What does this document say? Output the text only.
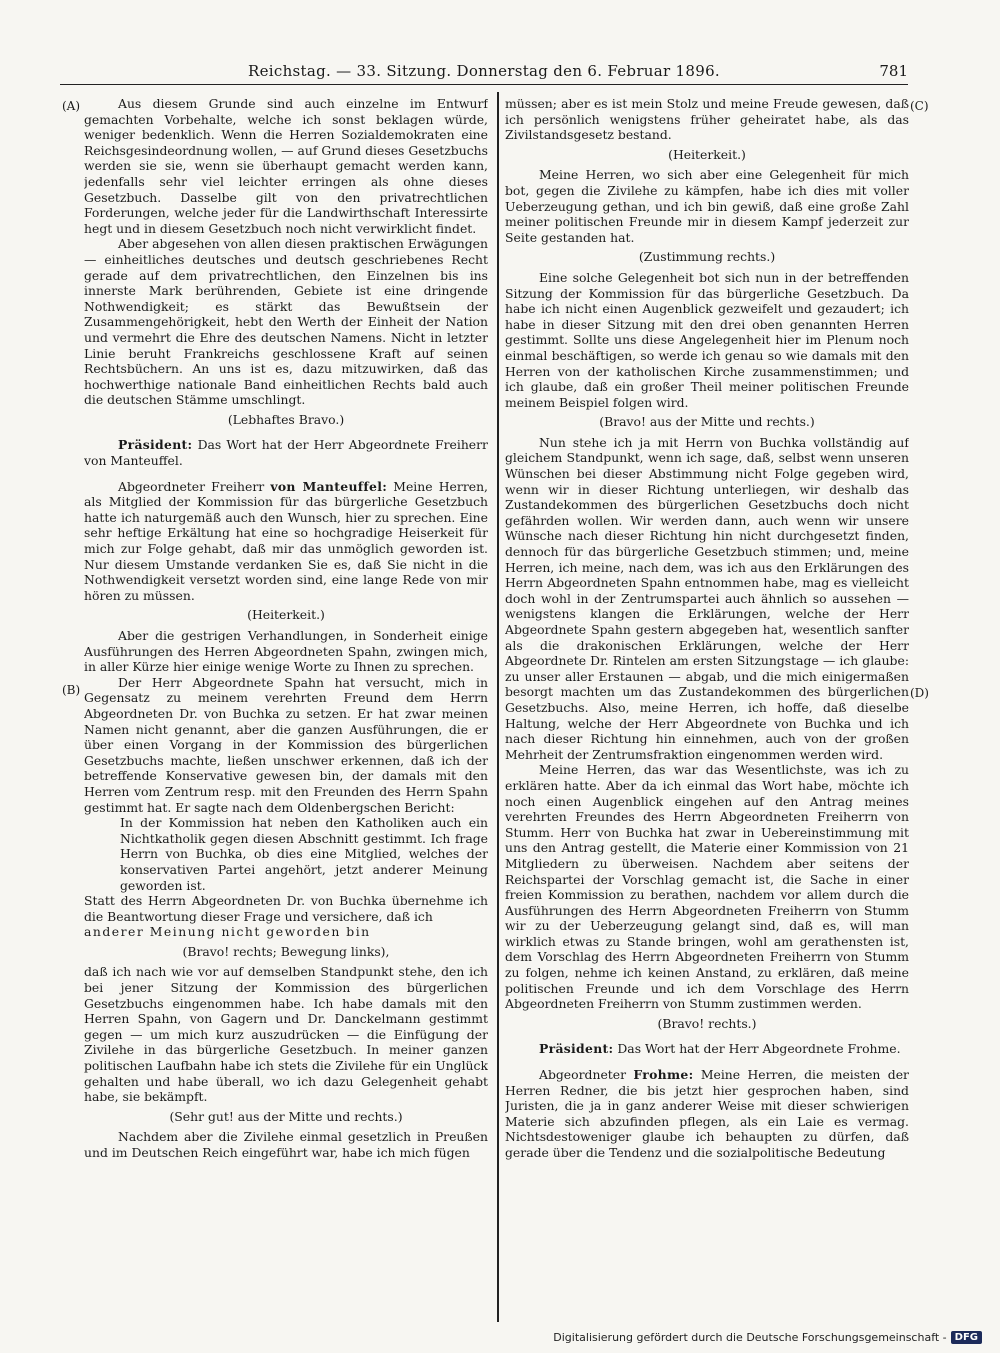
Reichstag. — 33. Sitzung. Donnerstag den 6. Februar 1896.	781
(A)
(B)
(C)
(D)

Aus diesem Grunde sind auch einzelne im Entwurf gemachten Vorbehalte, welche ich sonst beklagen würde, weniger bedenklich. Wenn die Herren Sozialdemokraten eine Reichsgesindeordnung wollen, — auf Grund dieses Gesetzbuchs werden sie sie, wenn sie überhaupt gemacht werden kann, jedenfalls sehr viel leichter erringen als ohne dieses Gesetzbuch. Dasselbe gilt von den privatrechtlichen Forderungen, welche jeder für die Landwirthschaft Interessirte hegt und in diesem Gesetzbuch noch nicht verwirklicht findet.

Aber abgesehen von allen diesen praktischen Erwägungen — einheitliches deutsches und deutsch geschriebenes Recht gerade auf dem privatrechtlichen, den Einzelnen bis ins innerste Mark berührenden, Gebiete ist eine dringende Nothwendigkeit; es stärkt das Bewußtsein der Zusammengehörigkeit, hebt den Werth der Einheit der Nation und vermehrt die Ehre des deutschen Namens. Nicht in letzter Linie beruht Frankreichs geschlossene Kraft auf seinen Rechtsbüchern. An uns ist es, dazu mitzuwirken, daß das hochwerthige nationale Band einheitlichen Rechts bald auch die deutschen Stämme umschlingt.

(Lebhaftes Bravo.)

Präsident: Das Wort hat der Herr Abgeordnete Freiherr von Manteuffel.

Abgeordneter Freiherr von Manteuffel: Meine Herren, als Mitglied der Kommission für das bürgerliche Gesetzbuch hatte ich naturgemäß auch den Wunsch, hier zu sprechen. Eine sehr heftige Erkältung hat eine so hochgradige Heiserkeit für mich zur Folge gehabt, daß mir das unmöglich geworden ist. Nur diesem Umstande verdanken Sie es, daß Sie nicht in die Nothwendigkeit versetzt worden sind, eine lange Rede von mir hören zu müssen.

(Heiterkeit.)

Aber die gestrigen Verhandlungen, in Sonderheit einige Ausführungen des Herren Abgeordneten Spahn, zwingen mich, in aller Kürze hier einige wenige Worte zu Ihnen zu sprechen.

Der Herr Abgeordnete Spahn hat versucht, mich in Gegensatz zu meinem verehrten Freund dem Herrn Abgeordneten Dr. von Buchka zu setzen. Er hat zwar meinen Namen nicht genannt, aber die ganzen Ausführungen, die er über einen Vorgang in der Kommission des bürgerlichen Gesetzbuchs machte, ließen unschwer erkennen, daß ich der betreffende Konservative gewesen bin, der damals mit den Herren vom Zentrum resp. mit den Freunden des Herrn Spahn gestimmt hat. Er sagte nach dem Oldenbergschen Bericht:

In der Kommission hat neben den Katholiken auch ein Nichtkatholik gegen diesen Abschnitt gestimmt. Ich frage Herrn von Buchka, ob dies eine Mitglied, welches der konservativen Partei angehört, jetzt anderer Meinung geworden ist.

Statt des Herrn Abgeordneten Dr. von Buchka übernehme ich die Beantwortung dieser Frage und versichere, daß ich

anderer Meinung nicht geworden bin

(Bravo! rechts; Bewegung links),

daß ich nach wie vor auf demselben Standpunkt stehe, den ich bei jener Sitzung der Kommission des bürgerlichen Gesetzbuchs eingenommen habe. Ich habe damals mit den Herren Spahn, von Gagern und Dr. Danckelmann gestimmt gegen — um mich kurz auszudrücken — die Einfügung der Zivilehe in das bürgerliche Gesetzbuch. In meiner ganzen politischen Laufbahn habe ich stets die Zivilehe für ein Unglück gehalten und habe überall, wo ich dazu Gelegenheit gehabt habe, sie bekämpft.

(Sehr gut! aus der Mitte und rechts.)

Nachdem aber die Zivilehe einmal gesetzlich in Preußen und im Deutschen Reich eingeführt war, habe ich mich fügen

müssen; aber es ist mein Stolz und meine Freude gewesen, daß ich persönlich wenigstens früher geheiratet habe, als das Zivilstandsgesetz bestand.

(Heiterkeit.)

Meine Herren, wo sich aber eine Gelegenheit für mich bot, gegen die Zivilehe zu kämpfen, habe ich dies mit voller Ueberzeugung gethan, und ich bin gewiß, daß eine große Zahl meiner politischen Freunde mir in diesem Kampf jederzeit zur Seite gestanden hat.

(Zustimmung rechts.)

Eine solche Gelegenheit bot sich nun in der betreffenden Sitzung der Kommission für das bürgerliche Gesetzbuch. Da habe ich nicht einen Augenblick gezweifelt und gezaudert; ich habe in dieser Sitzung mit den drei oben genannten Herren gestimmt. Sollte uns diese Angelegenheit hier im Plenum noch einmal beschäftigen, so werde ich genau so wie damals mit den Herren von der katholischen Kirche zusammenstimmen; und ich glaube, daß ein großer Theil meiner politischen Freunde meinem Beispiel folgen wird.

(Bravo! aus der Mitte und rechts.)

Nun stehe ich ja mit Herrn von Buchka vollständig auf gleichem Standpunkt, wenn ich sage, daß, selbst wenn unseren Wünschen bei dieser Abstimmung nicht Folge gegeben wird, wenn wir in dieser Richtung unterliegen, wir deshalb das Zustandekommen des bürgerlichen Gesetzbuchs doch nicht gefährden wollen. Wir werden dann, auch wenn wir unsere Wünsche nach dieser Richtung hin nicht durchgesetzt finden, dennoch für das bürgerliche Gesetzbuch stimmen; und, meine Herren, ich meine, nach dem, was ich aus den Erklärungen des Herrn Abgeordneten Spahn entnommen habe, mag es vielleicht doch wohl in der Zentrumspartei auch ähnlich so aussehen — wenigstens klangen die Erklärungen, welche der Herr Abgeordnete Spahn gestern abgegeben hat, wesentlich sanfter als die drakonischen Erklärungen, welche der Herr Abgeordnete Dr. Rintelen am ersten Sitzungstage — ich glaube: zu unser aller Erstaunen — abgab, und die mich einigermaßen besorgt machten um das Zustandekommen des bürgerlichen Gesetzbuchs. Also, meine Herren, ich hoffe, daß dieselbe Haltung, welche der Herr Abgeordnete von Buchka und ich nach dieser Richtung hin einnehmen, auch von der großen Mehrheit der Zentrumsfraktion eingenommen werden wird.

Meine Herren, das war das Wesentlichste, was ich zu erklären hatte. Aber da ich einmal das Wort habe, möchte ich noch einen Augenblick eingehen auf den Antrag meines verehrten Freundes des Herrn Abgeordneten Freiherrn von Stumm. Herr von Buchka hat zwar in Uebereinstimmung mit uns den Antrag gestellt, die Materie einer Kommission von 21 Mitgliedern zu überweisen. Nachdem aber seitens der Reichspartei der Vorschlag gemacht ist, die Sache in einer freien Kommission zu berathen, nachdem vor allem durch die Ausführungen des Herrn Abgeordneten Freiherrn von Stumm wir zu der Ueberzeugung gelangt sind, daß es, will man wirklich etwas zu Stande bringen, wohl am gerathensten ist, dem Vorschlag des Herrn Abgeordneten Freiherrn von Stumm zu folgen, nehme ich keinen Anstand, zu erklären, daß meine politischen Freunde und ich dem Vorschlage des Herrn Abgeordneten Freiherrn von Stumm zustimmen werden.

(Bravo! rechts.)

Präsident: Das Wort hat der Herr Abgeordnete Frohme.

Abgeordneter Frohme: Meine Herren, die meisten der Herren Redner, die bis jetzt hier gesprochen haben, sind Juristen, die ja in ganz anderer Weise mit dieser schwierigen Materie sich abzufinden pflegen, als ein Laie es vermag. Nichtsdestoweniger glaube ich behaupten zu dürfen, daß gerade über die Tendenz und die sozialpolitische Bedeutung

Digitalisierung gefördert durch die Deutsche Forschungsgemeinschaft - DFG
